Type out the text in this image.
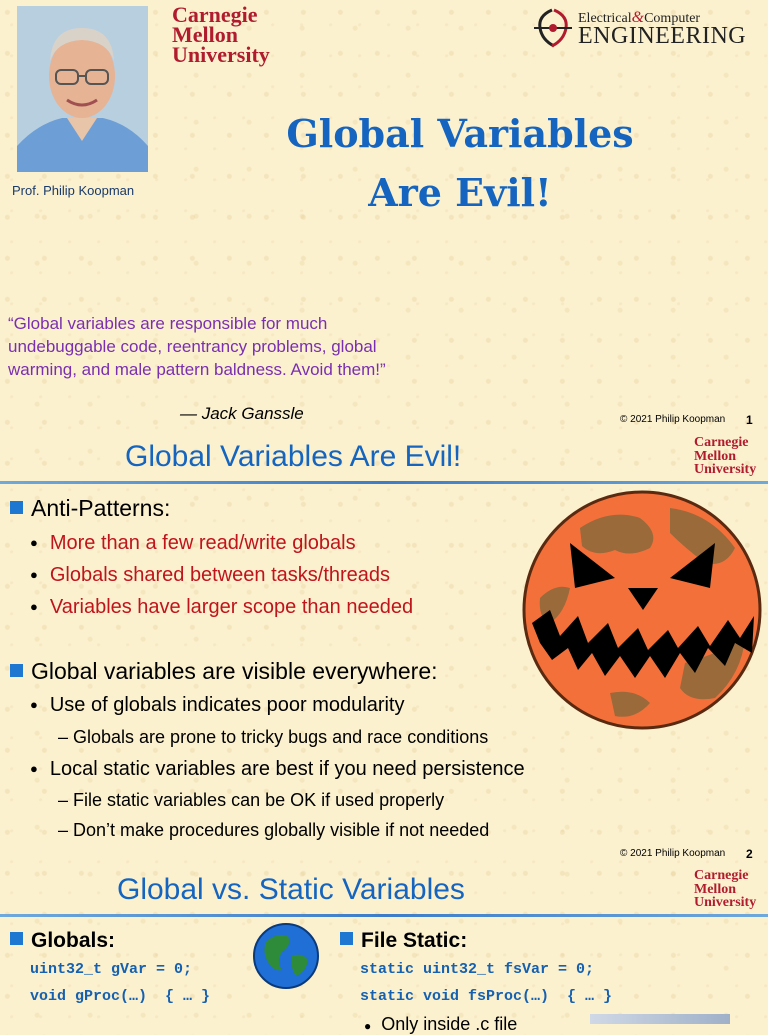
Prof. Philip Koopman
Carnegie
Mellon
University
Electrical&Computer
ENGINEERING
Global Variables
Are Evil!
“Global variables are responsible for much undebuggable code, reentrancy problems, global warming, and male pattern baldness. Avoid them!”
— Jack Ganssle	© 2021 Philip Koopman 1
Global Variables Are Evil!	Carnegie
Mellon
University
Anti-Patterns:
● More than a few read/write globals
● Globals shared between tasks/threads
● Variables have larger scope than needed
Global variables are visible everywhere:
● Use of globals indicates poor modularity
– Globals are prone to tricky bugs and race conditions
● Local static variables are best if you need persistence
– File static variables can be OK if used properly
– Don’t make procedures globally visible if not needed
© 2021 Philip Koopman 2
Global vs. Static Variables	Carnegie
Mellon
University
Globals:
uint32_t gVar = 0;
void gProc(…)  { … }
File Static:
static uint32_t fsVar = 0;
static void fsProc(…)  { … }
● Only inside .c file
